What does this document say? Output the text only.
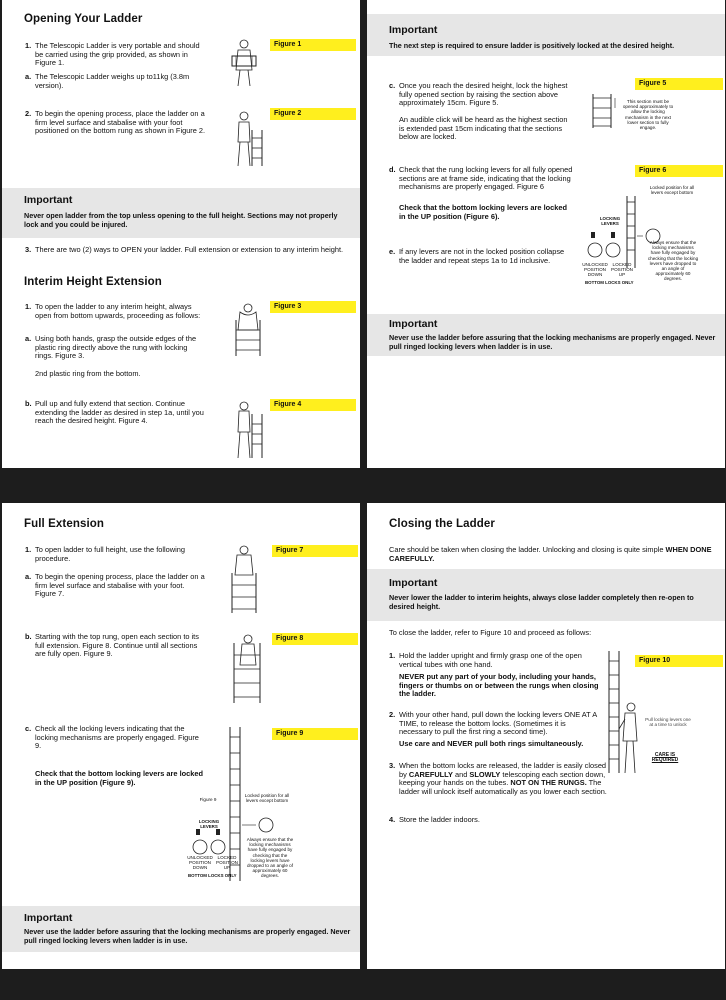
Opening Your Ladder
1. The Telescopic Ladder is very portable and should be carried using the grip provided, as shown in Figure 1.
a. The Telescopic Ladder weighs up to11kg (3.8m version).
2. To begin the opening process, place the ladder on a firm level surface and stabalise with your foot positioned on the bottom rung as shown in Figure 2.
Figure 1
Figure 2
Important
Never open ladder from the top unless opening to the full height. Sections may not properly lock and you could be injured.
3. There are two (2) ways to OPEN your ladder. Full extension or extension to any interim height.
Interim Height Extension
1. To open the ladder to any interim height, always open from bottom upwards, proceeding as follows:
a. Using both hands, grasp the outside edges of the plastic ring directly above the rung with locking rings. Figure 3.
2nd plastic ring from the bottom.
b. Pull up and fully extend that section. Continue extending the ladder as desired in step 1a, until you reach the desired height. Figure 4.
Figure 3
Figure 4
Important
The next step is required to ensure ladder is positively locked at the desired height.
c. Once you reach the desired height, lock the highest fully opened section by raising the section above approximately 15cm. Figure 5.
An audible click will be heard as the highest section is extended past 15cm indicating that the sections below are locked.
Figure 5
This section must be opened approximately to allow the locking mechanism in the next lower section to fully engage.
d. Check that the rung locking levers for all fully opened sections are at frame side, indicating that the locking mechanisms are properly engaged. Figure 6
Check that the bottom locking levers are locked in the UP position (Figure 6).
e. If any levers are not in the locked position collapse the ladder and repeat steps 1a to 1d inclusive.
Figure 6
Locked position for all levers except bottom
LOCKING LEVERS
UNLOCKED POSITION DOWN
LOCKED POSITION UP
BOTTOM LOCKS ONLY
Always ensure that the locking mechanisms have fully engaged by checking that the locking levers have dropped to an angle of approximately 60 degrees.
Important
Never use the ladder before assuring that the locking mechanisms are properly engaged. Never pull ringed locking levers when ladder is in use.
Full Extension
1. To open ladder to full height, use the following procedure.
a. To begin the opening process, place the ladder on a firm level surface and stabalise with your foot. Figure 7.
Figure 7
b. Starting with the top rung, open each section to its full extension. Figure 8. Continue until all sections are fully open. Figure 9.
Figure 8
c. Check all the locking levers indicating that the locking mechanisms are properly engaged. Figure 9.
Check that the bottom locking levers are locked in the UP position (Figure 9).
Figure 9
Figure 9
Locked position for all levers except bottom
LOCKING LEVERS
UNLOCKED POSITION DOWN
LOCKED POSITION UP
BOTTOM LOCKS ONLY
Always ensure that the locking mechanisms have fully engaged by checking that the locking levers have dropped to an angle of approximately 60 degrees.
Important
Never use the ladder before assuring that the locking mechanisms are properly engaged. Never pull ringed locking levers when ladder is in use.
Closing the Ladder
Care should be taken when closing the ladder. Unlocking and closing is quite simple WHEN DONE CAREFULLY.
Important
Never lower the ladder to interim heights, always close ladder completely then re-open to desired height.
To close the ladder, refer to Figure 10 and proceed as follows:
1. Hold the ladder upright and firmly grasp one of the open vertical tubes with one hand.
NEVER put any part of your body, including your hands, fingers or thumbs on or between the rungs when closing the ladder.
2. With your other hand, pull down the locking levers ONE AT A TIME, to release the bottom locks. (Sometimes it is necessary to pull the first ring a second time).
Use care and NEVER pull both rings simultaneously.
3. When the bottom locks are released, the ladder is easily closed by CAREFULLY and SLOWLY telescoping each section down, keeping your hands on the tubes. NOT ON THE RUNGS. The ladder will unlock itself automatically as you lower each section.
4. Store the ladder indoors.
Figure 10
Pull locking levers one at a time to unlock
CARE IS REQUIRED
